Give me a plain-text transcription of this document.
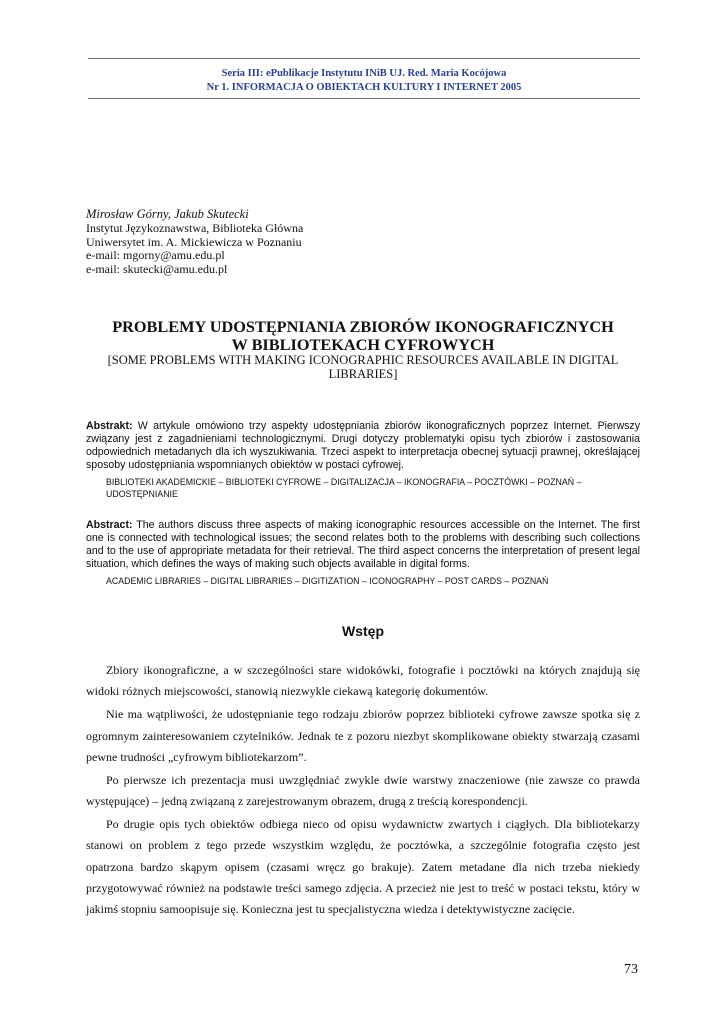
Seria III: ePublikacje Instytutu INiB UJ. Red. Maria Kocójowa
Nr 1. INFORMACJA O OBIEKTACH KULTURY I INTERNET 2005
Mirosław Górny, Jakub Skutecki
Instytut Językoznawstwa, Biblioteka Główna
Uniwersytet im. A. Mickiewicza w Poznaniu
e-mail: mgorny@amu.edu.pl
e-mail: skutecki@amu.edu.pl
PROBLEMY UDOSTĘPNIANIA ZBIORÓW IKONOGRAFICZNYCH
W BIBLIOTEKACH CYFROWYCH
[SOME PROBLEMS WITH MAKING ICONOGRAPHIC RESOURCES AVAILABLE IN DIGITAL LIBRARIES]
Abstrakt: W artykule omówiono trzy aspekty udostępniania zbiorów ikonograficznych poprzez Internet. Pierwszy związany jest z zagadnieniami technologicznymi. Drugi dotyczy problematyki opisu tych zbiorów i zastosowania odpowiednich metadanych dla ich wyszukiwania. Trzeci aspekt to interpretacja obecnej sytuacji prawnej, określającej sposoby udostępniania wspomnianych obiektów w postaci cyfrowej.
BIBLIOTEKI AKADEMICKIE – BIBLIOTEKI CYFROWE – DIGITALIZACJA – IKONOGRAFIA – POCZTÓWKI – POZNAŃ – UDOSTĘPNIANIE
Abstract: The authors discuss three aspects of making iconographic resources accessible on the Internet. The first one is connected with technological issues; the second relates both to the problems with describing such collections and to the use of appropriate metadata for their retrieval. The third aspect concerns the interpretation of present legal situation, which defines the ways of making such objects available in digital forms.
ACADEMIC LIBRARIES – DIGITAL LIBRARIES – DIGITIZATION – ICONOGRAPHY – POST CARDS – POZNAŃ
Wstęp

Zbiory ikonograficzne, a w szczególności stare widokówki, fotografie i pocztówki na których znajdują się widoki różnych miejscowości, stanowią niezwykle ciekawą kategorię dokumentów.

Nie ma wątpliwości, że udostępnianie tego rodzaju zbiorów poprzez biblioteki cyfrowe zawsze spotka się z ogromnym zainteresowaniem czytelników. Jednak te z pozoru niezbyt skomplikowane obiekty stwarzają czasami pewne trudności „cyfrowym bibliotekarzom”.

Po pierwsze ich prezentacja musi uwzględniać zwykle dwie warstwy znaczeniowe (nie zawsze co prawda występujące) – jedną związaną z zarejestrowanym obrazem, drugą z treścią korespondencji.

Po drugie opis tych obiektów odbiega nieco od opisu wydawnictw zwartych i ciągłych. Dla bibliotekarzy stanowi on problem z tego przede wszystkim względu, że pocztówka, a szczególnie fotografia często jest opatrzona bardzo skąpym opisem (czasami wręcz go brakuje). Zatem metadane dla nich trzeba niekiedy przygotowywać również na podstawie treści samego zdjęcia. A przecież nie jest to treść w postaci tekstu, który w jakimś stopniu samoopisuje się. Konieczna jest tu specjalistyczna wiedza i detektywistyczne zacięcie.

73
